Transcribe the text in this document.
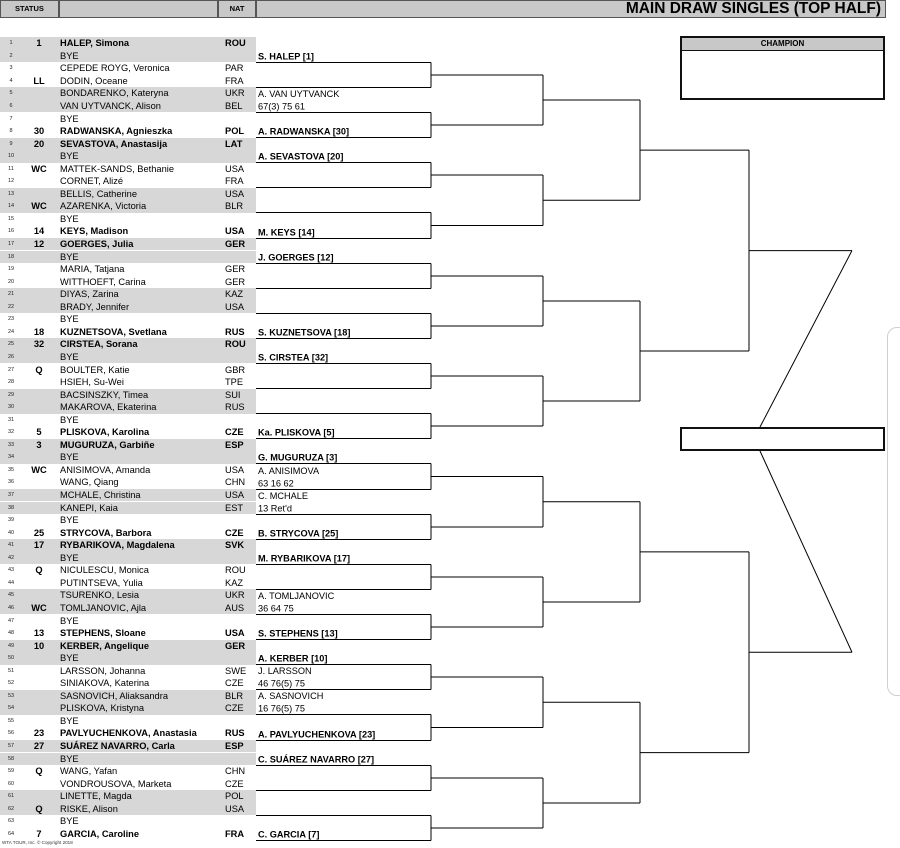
STATUS	NAT	MAIN DRAW SINGLES (TOP HALF)
1	1	HALEP, Simona	ROU
2	BYE
3	CEPEDE ROYG, Veronica	PAR
4	LL	DODIN, Oceane	FRA
5	BONDARENKO, Kateryna	UKR
6	VAN UYTVANCK, Alison	BEL
7	BYE
8	30	RADWANSKA, Agnieszka	POL
9	20	SEVASTOVA, Anastasija	LAT
10	BYE
11	WC	MATTEK-SANDS, Bethanie	USA
12	CORNET, Alizé	FRA
13	BELLIS, Catherine	USA
14	WC	AZARENKA, Victoria	BLR
15	BYE
16	14	KEYS, Madison	USA
17	12	GOERGES, Julia	GER
18	BYE
19	MARIA, Tatjana	GER
20	WITTHOEFT, Carina	GER
21	DIYAS, Zarina	KAZ
22	BRADY, Jennifer	USA
23	BYE
24	18	KUZNETSOVA, Svetlana	RUS
25	32	CIRSTEA, Sorana	ROU
26	BYE
27	Q	BOULTER, Katie	GBR
28	HSIEH, Su-Wei	TPE
29	BACSINSZKY, Timea	SUI
30	MAKAROVA, Ekaterina	RUS
31	BYE
32	5	PLISKOVA, Karolina	CZE
33	3	MUGURUZA, Garbiñe	ESP
34	BYE
35	WC	ANISIMOVA, Amanda	USA
36	WANG, Qiang	CHN
37	MCHALE, Christina	USA
38	KANEPI, Kaia	EST
39	BYE
40	25	STRYCOVA, Barbora	CZE
41	17	RYBARIKOVA, Magdalena	SVK
42	BYE
43	Q	NICULESCU, Monica	ROU
44	PUTINTSEVA, Yulia	KAZ
45	TSURENKO, Lesia	UKR
46	WC	TOMLJANOVIC, Ajla	AUS
47	BYE
48	13	STEPHENS, Sloane	USA
49	10	KERBER, Angelique	GER
50	BYE
51	LARSSON, Johanna	SWE
52	SINIAKOVA, Katerina	CZE
53	SASNOVICH, Aliaksandra	BLR
54	PLISKOVA, Kristyna	CZE
55	BYE
56	23	PAVLYUCHENKOVA, Anastasia	RUS
57	27	SUÁREZ NAVARRO, Carla	ESP
58	BYE
59	Q	WANG, Yafan	CHN
60	VONDROUSOVA, Marketa	CZE
61	LINETTE, Magda	POL
62	Q	RISKE, Alison	USA
63	BYE
64	7	GARCIA, Caroline	FRA
S. HALEP [1]
A. VAN UYTVANCK
67(3) 75 61
A. RADWANSKA [30]
A. SEVASTOVA [20]
M. KEYS [14]
J. GOERGES [12]
S. KUZNETSOVA [18]
S. CIRSTEA [32]
Ka. PLISKOVA [5]
G. MUGURUZA [3]
A. ANISIMOVA
63 16 62
C. MCHALE
13 Ret'd
B. STRYCOVA [25]
M. RYBARIKOVA [17]
A. TOMLJANOVIC
36 64 75
S. STEPHENS [13]
A. KERBER [10]
J. LARSSON
46 76(5) 75
A. SASNOVICH
16 76(5) 75
A. PAVLYUCHENKOVA [23]
C. SUÁREZ NAVARRO [27]
C. GARCIA [7]
CHAMPION
WTA TOUR, Inc. © Copyright 2018
